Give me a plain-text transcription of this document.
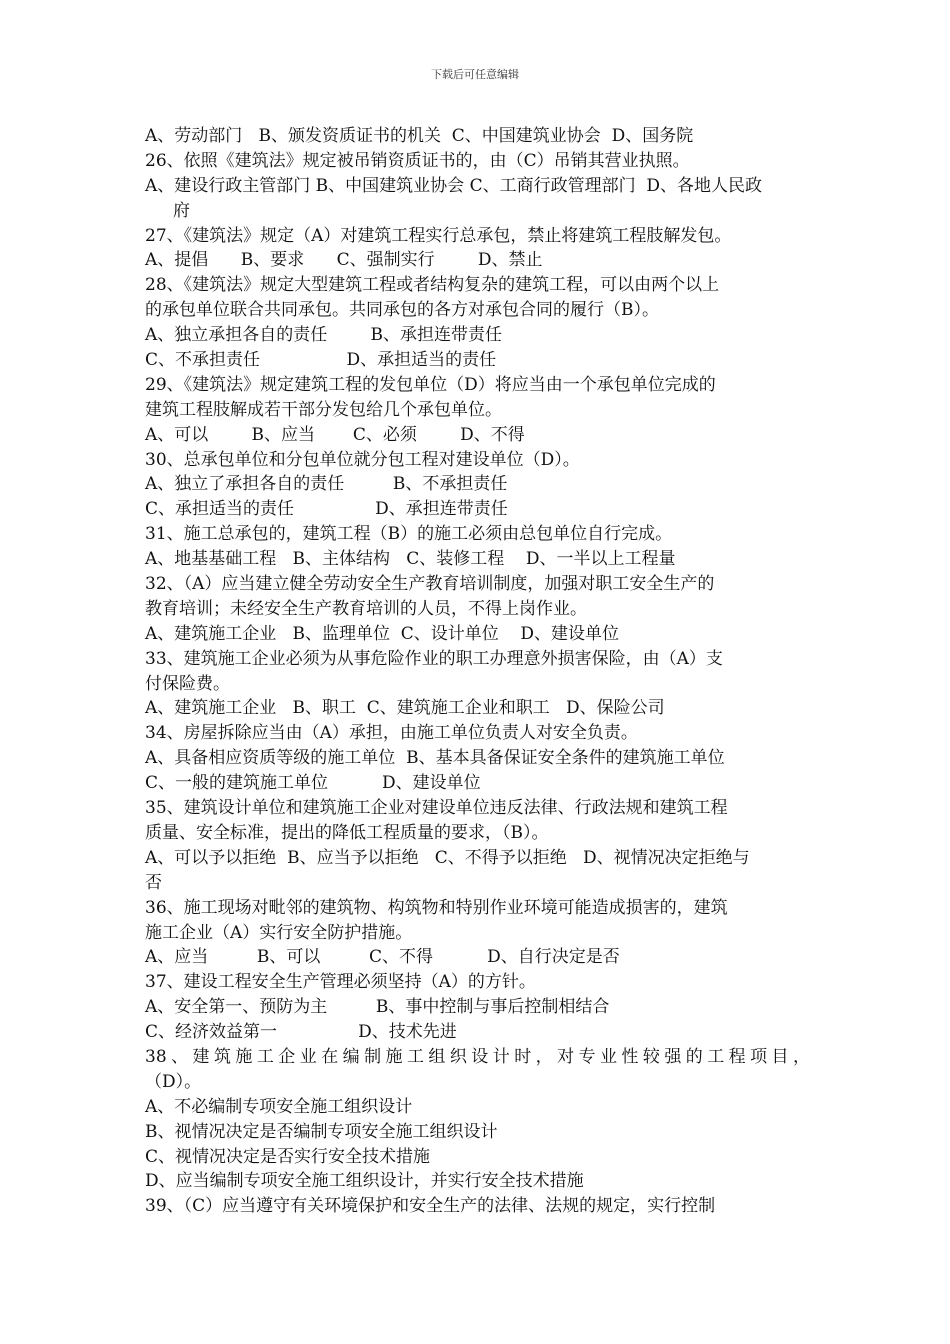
下载后可任意编辑
A、劳动部门   B、颁发资质证书的机关  C、中国建筑业协会  D、国务院
26、依照《建筑法》规定被吊销资质证书的，由（C）吊销其营业执照。
A、建设行政主管部门 B、中国建筑业协会 C、工商行政管理部门  D、各地人民政
府
27、《建筑法》规定（A）对建筑工程实行总承包，禁止将建筑工程肢解发包。
A、提倡      B、要求      C、强制实行        D、禁止
28、《建筑法》规定大型建筑工程或者结构复杂的建筑工程，可以由两个以上
的承包单位联合共同承包。共同承包的各方对承包合同的履行（B）。
A、独立承担各自的责任        B、承担连带责任
C、不承担责任                D、承担适当的责任
29、《建筑法》规定建筑工程的发包单位（D）将应当由一个承包单位完成的
建筑工程肢解成若干部分发包给几个承包单位。
A、可以        B、应当       C、必须        D、不得
30、总承包单位和分包单位就分包工程对建设单位（D）。
A、独立了承担各自的责任         B、不承担责任
C、承担适当的责任               D、承担连带责任
31、施工总承包的，建筑工程（B）的施工必须由总包单位自行完成。
A、地基基础工程   B、主体结构   C、装修工程    D、一半以上工程量
32、（A）应当建立健全劳动安全生产教育培训制度，加强对职工安全生产的
教育培训；未经安全生产教育培训的人员，不得上岗作业。
A、建筑施工企业   B、监理单位  C、设计单位    D、建设单位
33、建筑施工企业必须为从事危险作业的职工办理意外损害保险，由（A）支
付保险费。
A、建筑施工企业   B、职工  C、建筑施工企业和职工   D、保险公司
34、房屋拆除应当由（A）承担，由施工单位负责人对安全负责。
A、具备相应资质等级的施工单位  B、基本具备保证安全条件的建筑施工单位
C、一般的建筑施工单位          D、建设单位
35、建筑设计单位和建筑施工企业对建设单位违反法律、行政法规和建筑工程
质量、安全标准，提出的降低工程质量的要求，（B）。
A、可以予以拒绝  B、应当予以拒绝   C、不得予以拒绝   D、视情况决定拒绝与
否
36、施工现场对毗邻的建筑物、构筑物和特别作业环境可能造成损害的，建筑
施工企业（A）实行安全防护措施。
A、应当         B、可以         C、不得          D、自行决定是否
37、建设工程安全生产管理必须坚持（A）的方针。
A、安全第一、预防为主         B、事中控制与事后控制相结合
C、经济效益第一               D、技术先进
38、建筑施工企业在编制施工组织设计时，对专业性较强的工程项目，
（D）。
A、不必编制专项安全施工组织设计
B、视情况决定是否编制专项安全施工组织设计
C、视情况决定是否实行安全技术措施
D、应当编制专项安全施工组织设计，并实行安全技术措施
39、（C）应当遵守有关环境保护和安全生产的法律、法规的规定，实行控制
